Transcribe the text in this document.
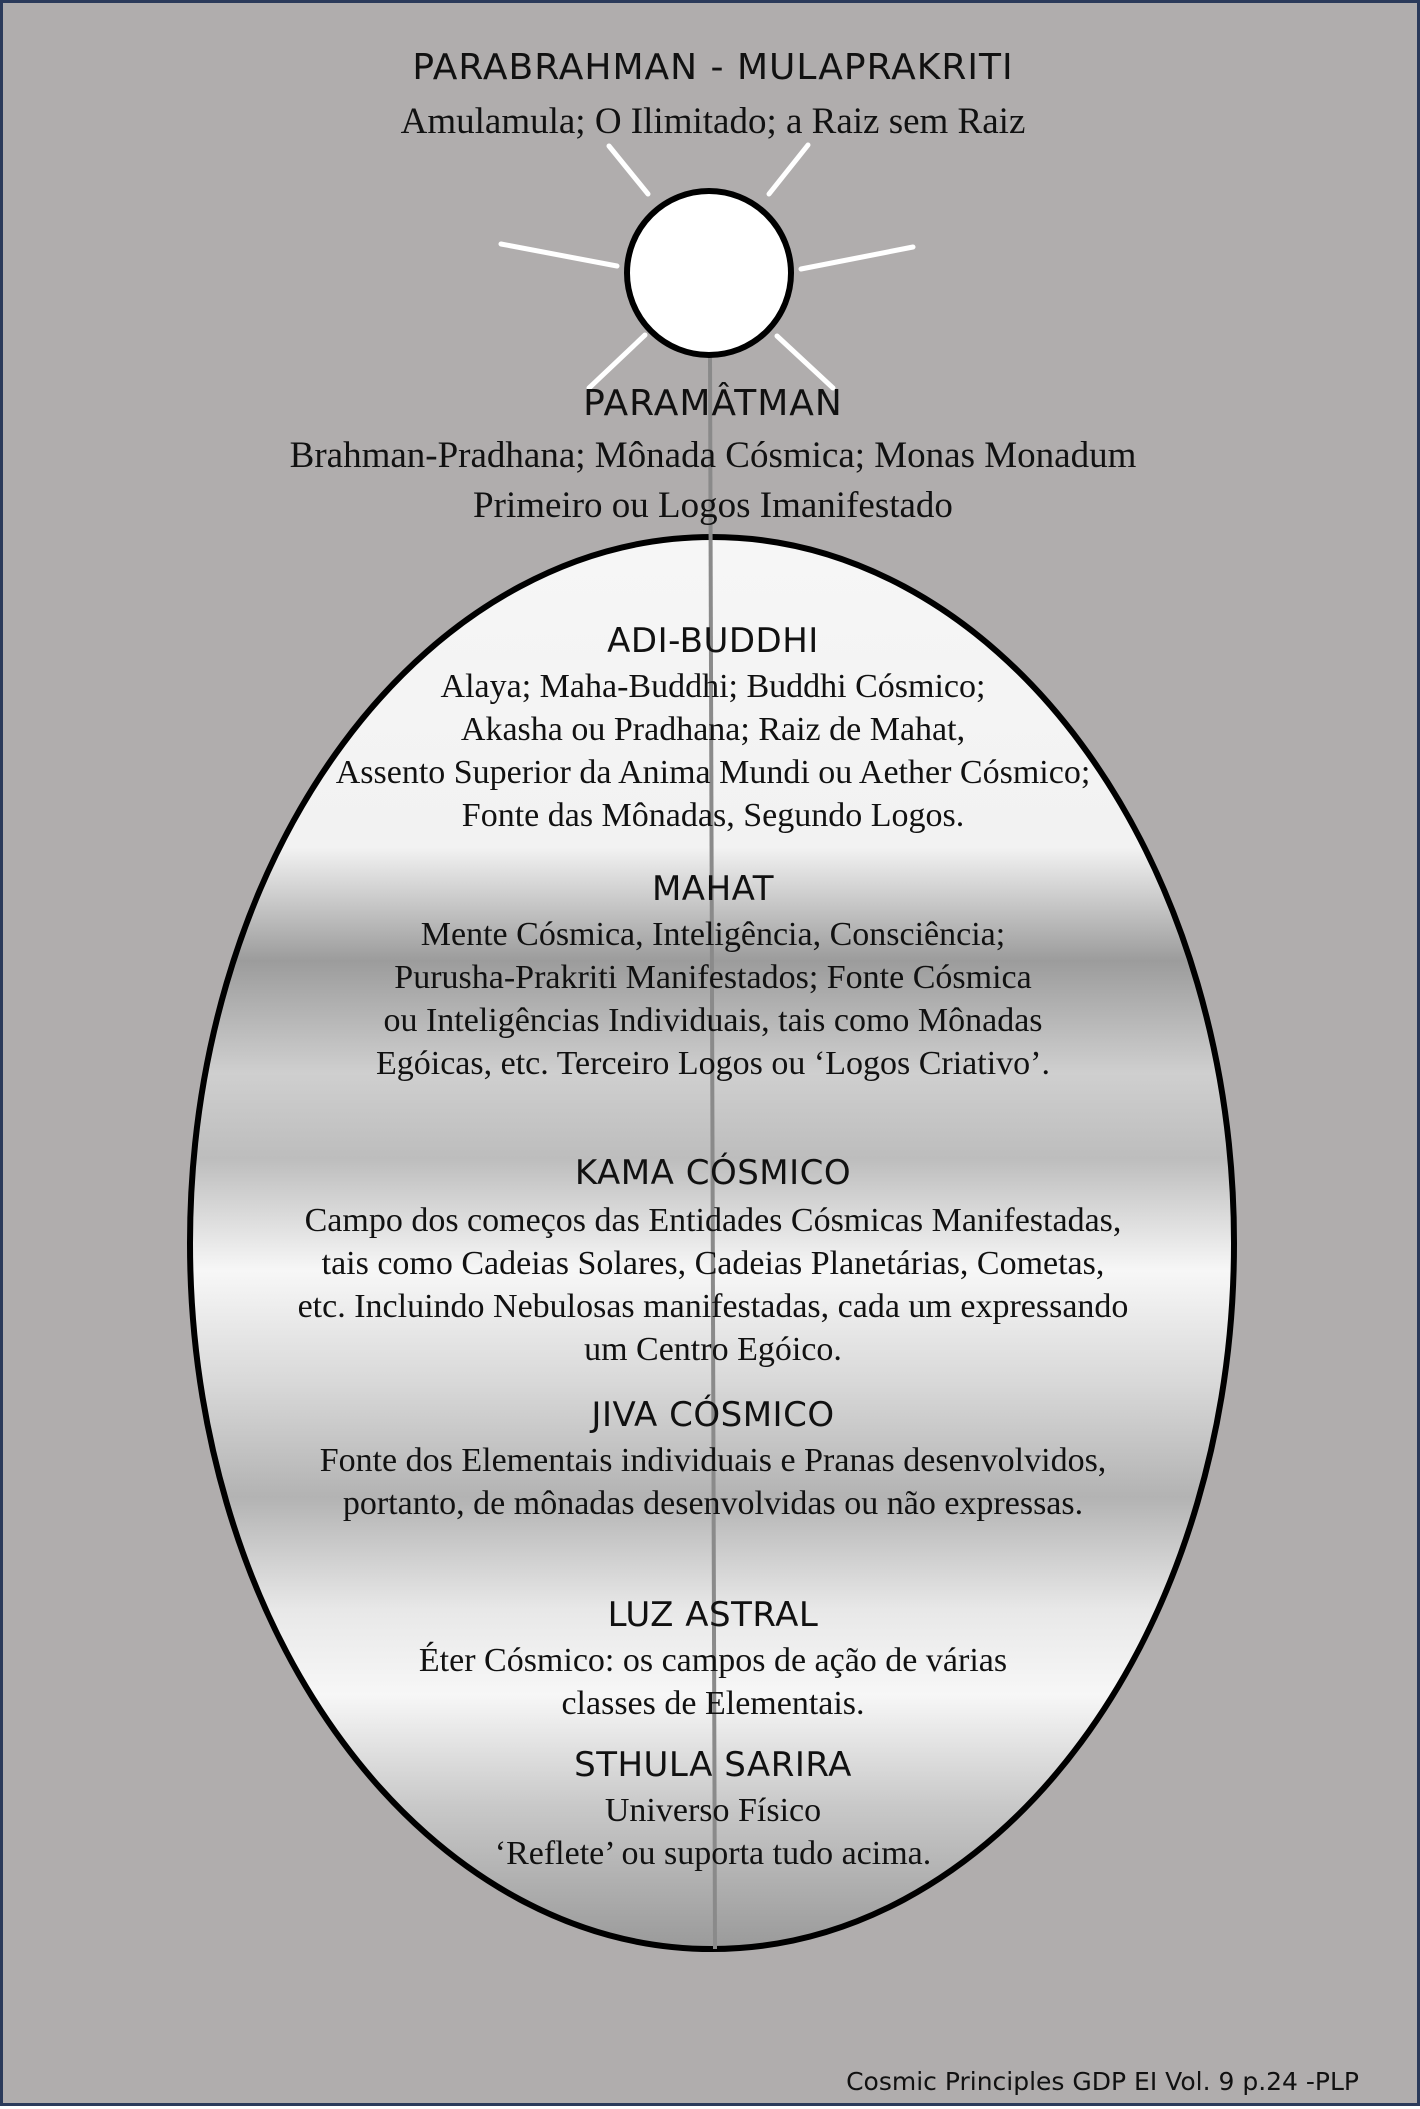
PARABRAHMAN - MULAPRAKRITI
Amulamula; O Ilimitado; a Raiz sem Raiz
PARAMÂTMAN
Brahman-Pradhana; Mônada Cósmica; Monas Monadum
Primeiro ou Logos Imanifestado
ADI-BUDDHI
Alaya; Maha-Buddhi; Buddhi Cósmico;
Akasha ou Pradhana; Raiz de Mahat,
Assento Superior da Anima Mundi ou Aether Cósmico;
Fonte das Mônadas, Segundo Logos.
MAHAT
Mente Cósmica, Inteligência, Consciência;
Purusha-Prakriti Manifestados; Fonte Cósmica
ou Inteligências Individuais, tais como Mônadas
Egóicas, etc. Terceiro Logos ou ‘Logos Criativo’.
KAMA CÓSMICO
Campo dos começos das Entidades Cósmicas Manifestadas,
tais como Cadeias Solares, Cadeias Planetárias, Cometas,
etc. Incluindo Nebulosas manifestadas, cada um expressando
um Centro Egóico.
JIVA CÓSMICO
Fonte dos Elementais individuais e Pranas desenvolvidos,
portanto, de mônadas desenvolvidas ou não expressas.
LUZ ASTRAL
Éter Cósmico: os campos de ação de várias
classes de Elementais.
STHULA SARIRA
Universo Físico
‘Reflete’ ou suporta tudo acima.
Cosmic Principles GDP EI Vol. 9 p.24 -PLP
